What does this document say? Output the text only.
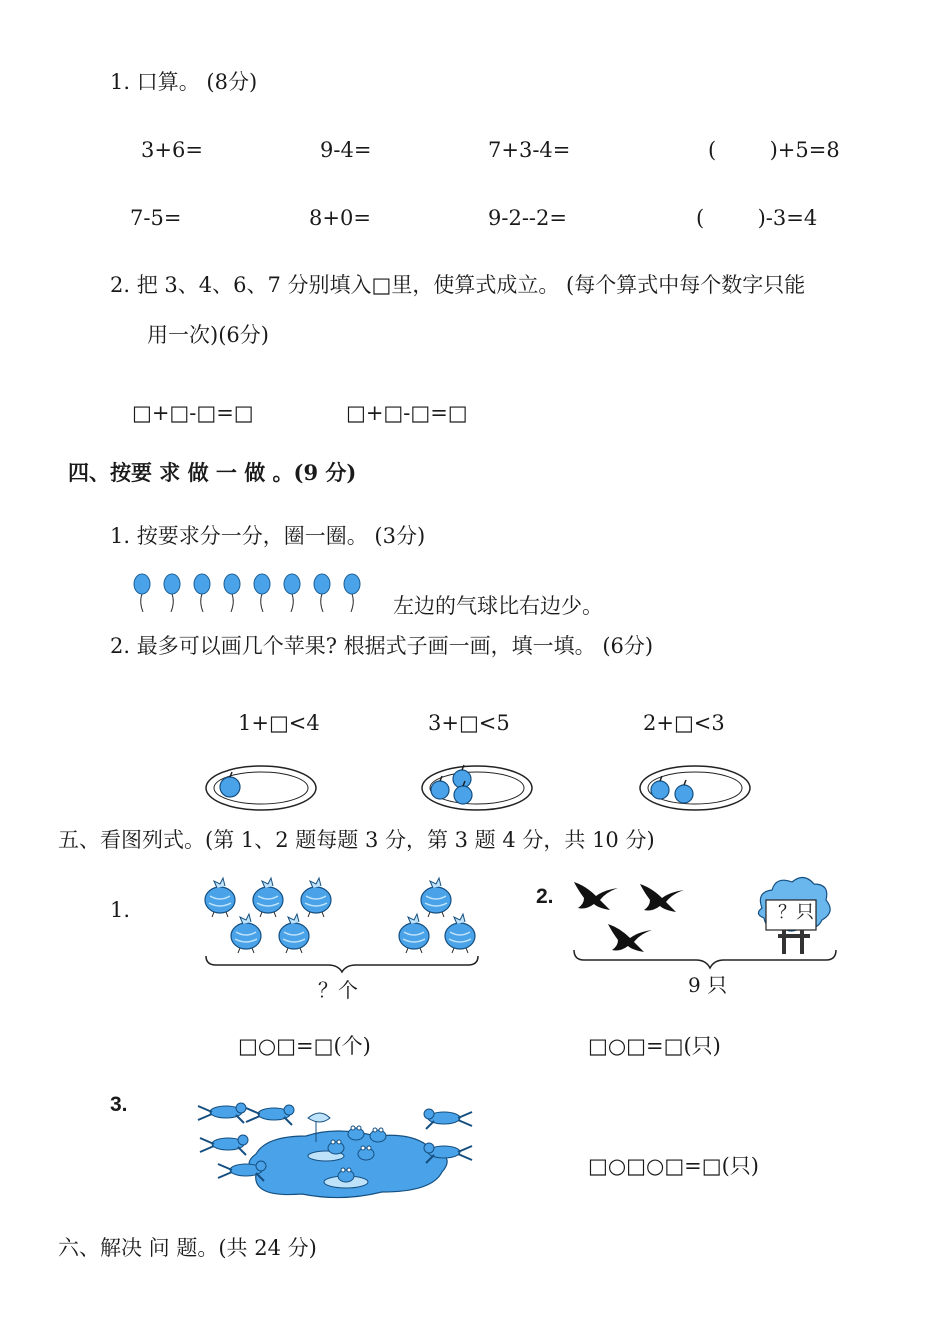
1. 口算。 (8分)
3+6=	9-4=	7+3-4=	(        )+5=8
7-5=	8+0=	9-2--2=	(        )-3=4
2. 把 3、4、6、7 分别填入□里，使算式成立。 (每个算式中每个数字只能
用一次)(6分)
□+□-□=□	□+□-□=□
四、按要 求 做 一 做 。(9 分)
1. 按要求分一分，圈一圈。 (3分)
左边的气球比右边少。
2. 最多可以画几个苹果? 根据式子画一画，填一填。 (6分)
1+□<4	3+□<5	2+□<3
五、看图列式。(第 1、2 题每题 3 分，第 3 题 4 分，共 10 分)
1.
？个
□○□=□(个)
2.
？只
9 只
□○□=□(只)
3.
□○□○□=□(只)
六、解决 问 题。(共 24 分)
